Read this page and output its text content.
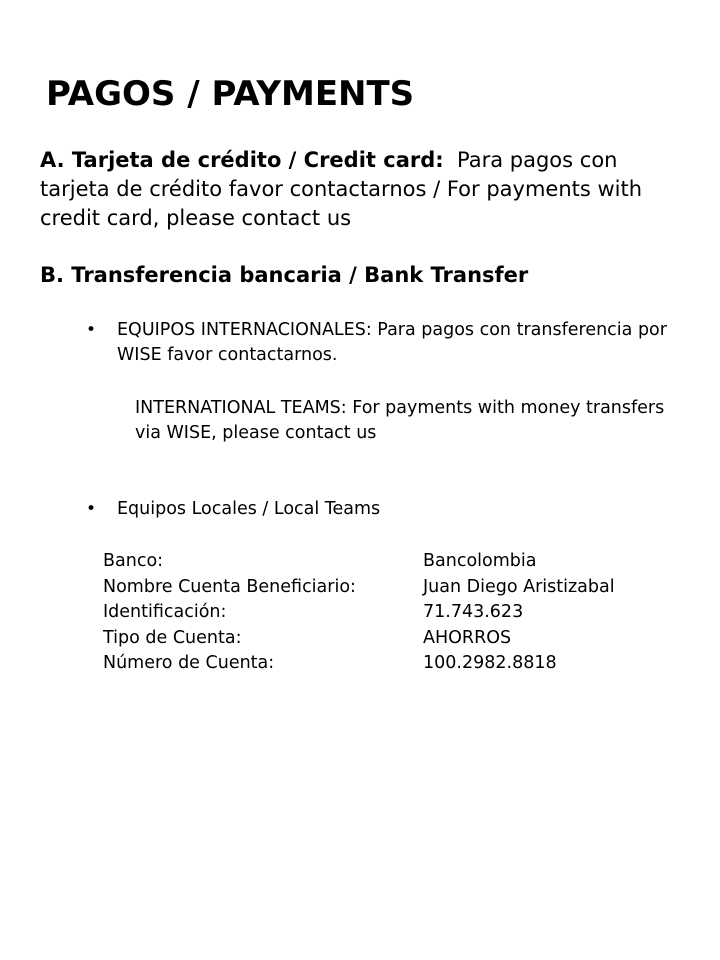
PAGOS / PAYMENTS

A. Tarjeta de crédito / Credit card: Para pagos con tarjeta de crédito favor contactarnos / For payments with credit card, please contact us

B. Transferencia bancaria / Bank Transfer
• EQUIPOS INTERNACIONALES: Para pagos con transferencia por WISE favor contactarnos.

INTERNATIONAL TEAMS: For payments with money transfers via WISE, please contact us

• Equipos Locales / Local Teams

Banco:	Bancolombia
Nombre Cuenta Beneficiario:	Juan Diego Aristizabal
Identificación:	71.743.623
Tipo de Cuenta:	AHORROS
Número de Cuenta:	100.2982.8818
